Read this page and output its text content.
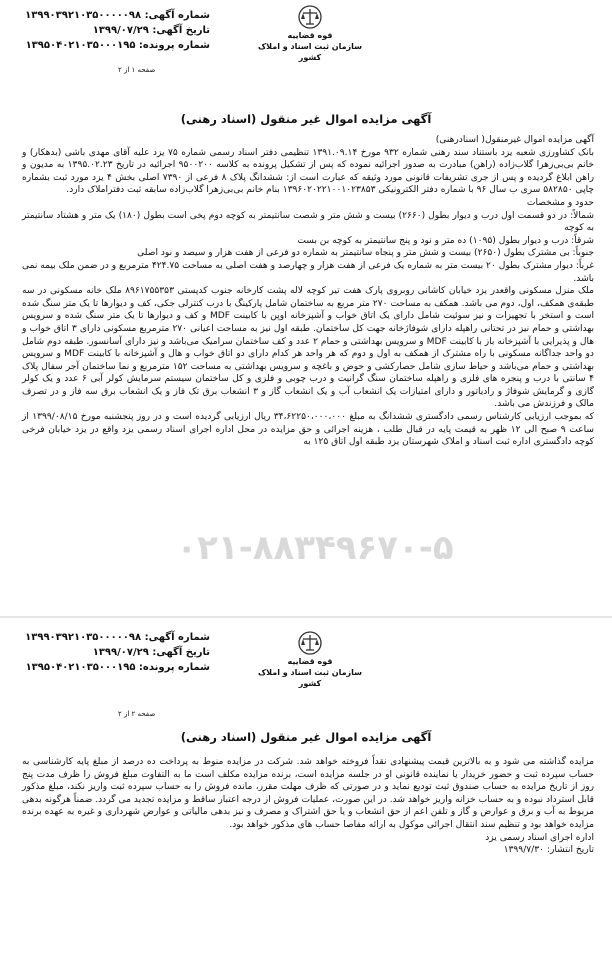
شماره آگهی: ۱۳۹۹۰۳۹۲۱۰۳۵۰۰۰۰۰۹۸
تاریخ آگهی: ۱۳۹۹/۰۷/۲۹
شماره پرونده: ۱۳۹۵۰۴۰۲۱۰۳۵۰۰۰۱۹۵
قوه قضاییه
سازمان ثبت اسناد و املاک کشور
صفحه ۱ از ۲
آگهی مزایده اموال غیر منقول (اسناد رهنی)
۰۲۱-۸۸۳۴۹۶۷۰-۵

آگهی مزایده اموال غیرمنقول( اسنادرهنی)

بانک کشاورزی شعبه یزد باستناد سند رهنی شماره ۹۳۲ مورخ ۱۳۹۱.۰۹.۱۴ تنظیمی دفتر اسناد رسمی شماره ۷۵ یزد علیه آقای مهدی باشی (بدهکار) و خانم بی‌بی‌زهرا گلاب‌زاده (راهن) مبادرت به صدور اجرائیه نموده که پس از تشکیل پرونده به کلاسه ۹۵۰۰۲۰۰ اجرائیه در تاریخ ۱۳۹۵.۰۲.۲۳ به مدیون و راهن ابلاغ گردیده و پس از جری تشریفات قانونی مورد وثیقه که عبارت است از: ششدانگ پلاک ۸ فرعی از ۷۳۹۰ اصلی بخش ۴ یزد مورد ثبت بشماره چاپی ۵۸۲۸۵۰ سری ب سال ۹۶ با شماره دفتر الکترونیکی ۱۳۹۶۰۲۰۲۲۱۰۰۱۰۲۳۸۵۳ بنام خانم بی‌بی‌زهرا گلاب‌زاده سابقه ثبت دفتراملاک دارد.

حدود و مشخصات

شمالاً: در دو قسمت اول درب و دیوار بطول (۲۶۶۰) بیست و شش متر و شصت سانتیمتر به کوچه دوم پخی است بطول (۱۸۰) یک متر و هشتاد سانتیمتر به کوچه

شرقاً: درب و دیوار بطول (۱۰۹۵) ده متر و نود و پنج سانتیمتر به کوچه بن بست

جنوباً: بی مشترک بطول (۲۶۵۰) بیست و شش متر و پنجاه سانتیمتر به شماره دو فرعی از هفت هزار و سیصد و نود اصلی

غرباً: دیوار مشترک بطول ۲۰ بیست متر به شماره یک فرعی از هفت هزار و چهارصد و هفت اصلی به مساحت ۴۲۴.۷۵ مترمربع و در ضمن ملک بیمه نمی باشد.

ملک منزل مسکونی واقعدر یزد خیابان کاشانی روبروی پارک هفت تیر کوچه لاله پشت کارخانه جنوب کدپستی ۸۹۶۱۷۵۵۳۵۳ ملک خانه مسکونی در سه طبقه‌ی همکف، اول، دوم می باشد. همکف به مساحت ۲۷۰ متر مربع به ساختمان شامل پارکینگ با درب کنترلی جکی، کف و دیوارها تا یک متر سنگ شده است و استخر با تجهیزات و نیز سوئیت شامل دارای یک اتاق خواب و آشپزخانه اوپن با کابینت MDF و کف و دیوارها تا یک متر سنگ شده و سرویس بهداشتی و حمام نیز در تحتانی راهپله دارای شوفاژخانه جهت کل ساختمان. طبقه اول نیز به مساحت اعیانی ۲۷۰ مترمربع مسکونی دارای ۳ اتاق خواب و هال و پذیرایی با آشپزخانه باز با کابینت MDF و سرویس بهداشتی و حمام ۲ عدد و کف ساختمان سرامیک می‌باشد و نیز دارای آسانسور. طبقه دوم شامل دو واحد جداگانه مسکونی با راه مشترک از همکف به اول و دوم که هر واحد هر کدام دارای دو اتاق خواب و هال و آشپزخانه با کابینت MDF و سرویس بهداشتی و حمام می‌باشد و حیاط سازی شامل حصارکشی و حوض و باغچه و سرویس بهداشتی به مساحت ۱۵۲ مترمربع و نما ساختمان آجر سفال پلاک ۴ سانتی با درب و پنجره های فلزی و راهپله ساختمان سنگ گرانیت و درب چوبی و فلزی و کل ساختمان سیستم سرمایش کولر آبی ۶ عدد و یک کولر گازی و گرمایش شوفاژ و رادیاتور و دارای امتیازات یک انشعاب آب و یک انشعاب گاز و ۳ انشعاب برق تک فاز و یک انشعاب برق سه فاز و در تصرف مالک و فرزندش می باشد.

که بموجب ارزیابی کارشناس رسمی دادگستری ششدانگ به مبلغ ۳۴،۶۲۲۵۰،۰۰۰،۰۰۰ ریال ارزیابی گردیده است و در روز پنجشنبه مورخ ۱۳۹۹/۰۸/۱۵ از ساعت ۹ صبح الی ۱۲ ظهر به قیمت پایه در قبال طلب ، هزینه اجرائی و حق مزایده در محل اداره اجرای اسناد رسمی یزد واقع در یزد خیابان فرخی کوچه دادگستری اداره ثبت اسناد و املاک شهرستان یزد طبقه اول اتاق ۱۲۵ به

شماره آگهی: ۱۳۹۹۰۳۹۲۱۰۳۵۰۰۰۰۰۹۸
تاریخ آگهی: ۱۳۹۹/۰۷/۲۹
شماره پرونده: ۱۳۹۵۰۴۰۲۱۰۳۵۰۰۰۱۹۵
قوه قضاییه
سازمان ثبت اسناد و املاک کشور
صفحه ۲ از ۲
آگهی مزایده اموال غیر منقول (اسناد رهنی)

مزایده گذاشته می شود و به بالاترین قیمت پیشنهادی نقداً فروخته خواهد شد. شرکت در مزایده منوط به پرداخت ده درصد از مبلغ پایه کارشناسی به حساب سپرده ثبت و حضور خریدار یا نماینده قانونی او در جلسه مزایده است، برنده مزایده مکلف است ما به التفاوت مبلغ فروش را ظرف مدت پنج روز از تاریخ مزایده به حساب صندوق ثبت تودیع نماید و در صورتی که ظرف مهلت مقرر، مانده فروش را به حساب سپرده ثبت واریز نکند، مبلغ مذکور قابل استرداد نبوده و به حساب خزانه واریز خواهد شد. در این صورت، عملیات فروش از درجه اعتبار ساقط و مزایده تجدید می گردد. ضمناً هرگونه بدهی مربوط به آب و برق و عوارض و گاز و تلفن اعم از حق انشعاب و یا حق اشتراک و مصرف و نیز بدهی مالیاتی و عوارض شهرداری و غیره به عهده برنده مزایده خواهد بود و تنظیم سند انتقال اجرائی موکول به ارائه مفاصا حساب های مذکور خواهد بود.

اداره اجرای اسناد رسمی یزد

تاریخ انتشار: ۱۳۹۹/۷/۳۰
